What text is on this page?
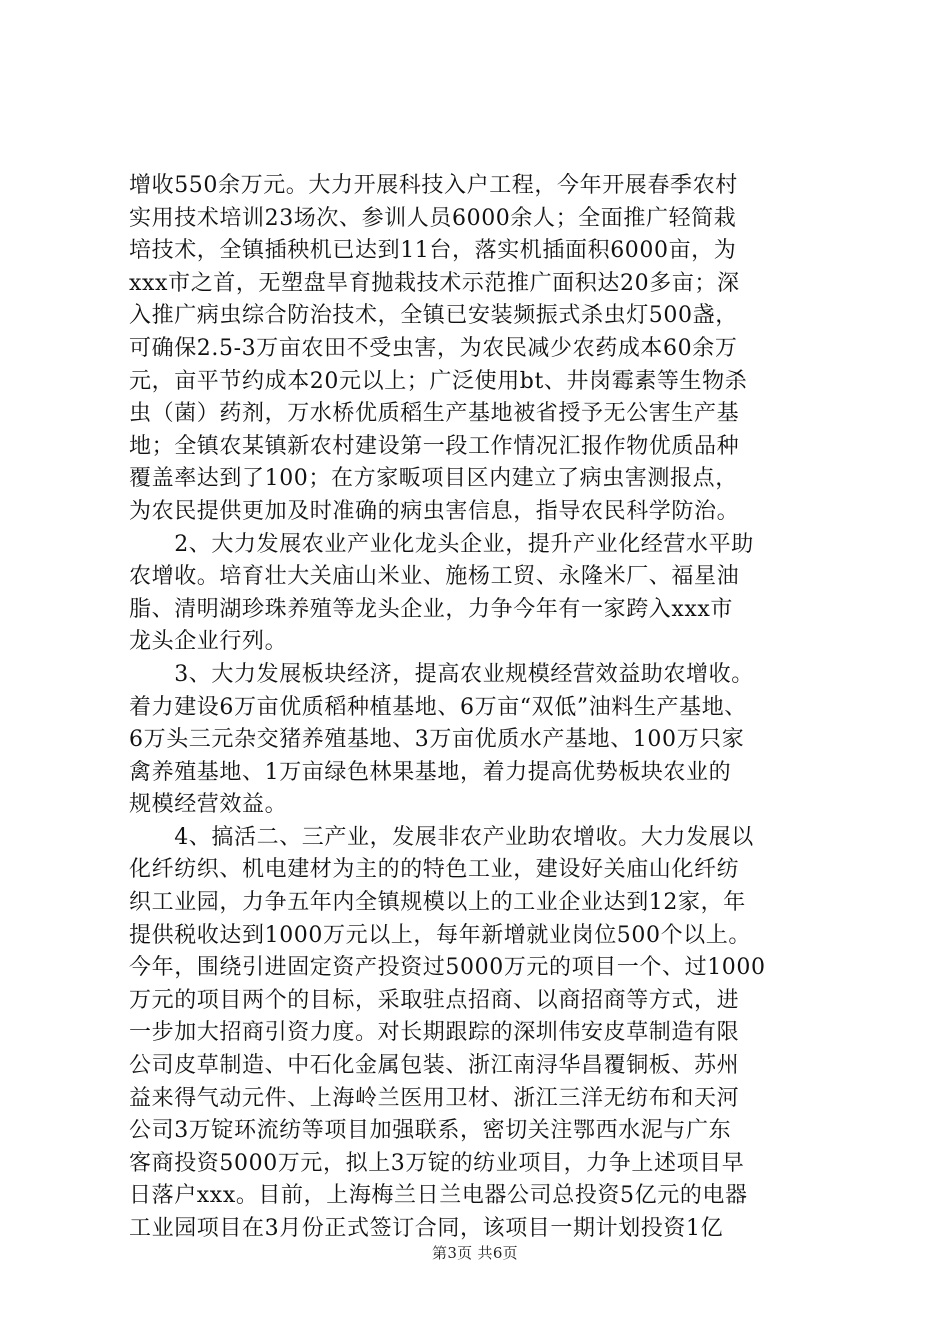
增收550余万元。大力开展科技入户工程，今年开展春季农村
实用技术培训23场次、参训人员6000余人；全面推广轻简栽
培技术，全镇插秧机已达到11台，落实机插面积6000亩，为
xxx市之首，无塑盘旱育抛栽技术示范推广面积达20多亩；深
入推广病虫综合防治技术，全镇已安装频振式杀虫灯500盏，
可确保2.5-3万亩农田不受虫害，为农民减少农药成本60余万
元，亩平节约成本20元以上；广泛使用bt、井岗霉素等生物杀
虫（菌）药剂，万水桥优质稻生产基地被省授予无公害生产基
地；全镇农某镇新农村建设第一段工作情况汇报作物优质品种
覆盖率达到了100；在方家畈项目区内建立了病虫害测报点，
为农民提供更加及时准确的病虫害信息，指导农民科学防治。
　　2、大力发展农业产业化龙头企业，提升产业化经营水平助
农增收。培育壮大关庙山米业、施杨工贸、永隆米厂、福星油
脂、清明湖珍珠养殖等龙头企业，力争今年有一家跨入xxx市
龙头企业行列。
　　3、大力发展板块经济，提高农业规模经营效益助农增收。
着力建设6万亩优质稻种植基地、6万亩“双低”油料生产基地、
6万头三元杂交猪养殖基地、3万亩优质水产基地、100万只家
禽养殖基地、1万亩绿色林果基地，着力提高优势板块农业的
规模经营效益。
　　4、搞活二、三产业，发展非农产业助农增收。大力发展以
化纤纺织、机电建材为主的的特色工业，建设好关庙山化纤纺
织工业园，力争五年内全镇规模以上的工业企业达到12家，年
提供税收达到1000万元以上，每年新增就业岗位500个以上。
今年，围绕引进固定资产投资过5000万元的项目一个、过1000
万元的项目两个的目标，采取驻点招商、以商招商等方式，进
一步加大招商引资力度。对长期跟踪的深圳伟安皮草制造有限
公司皮草制造、中石化金属包装、浙江南浔华昌覆铜板、苏州
益来得气动元件、上海岭兰医用卫材、浙江三洋无纺布和天河
公司3万锭环流纺等项目加强联系，密切关注鄂西水泥与广东
客商投资5000万元，拟上3万锭的纺业项目，力争上述项目早
日落户xxx。目前，上海梅兰日兰电器公司总投资5亿元的电器
工业园项目在3月份正式签订合同，该项目一期计划投资1亿
第3页 共6页
